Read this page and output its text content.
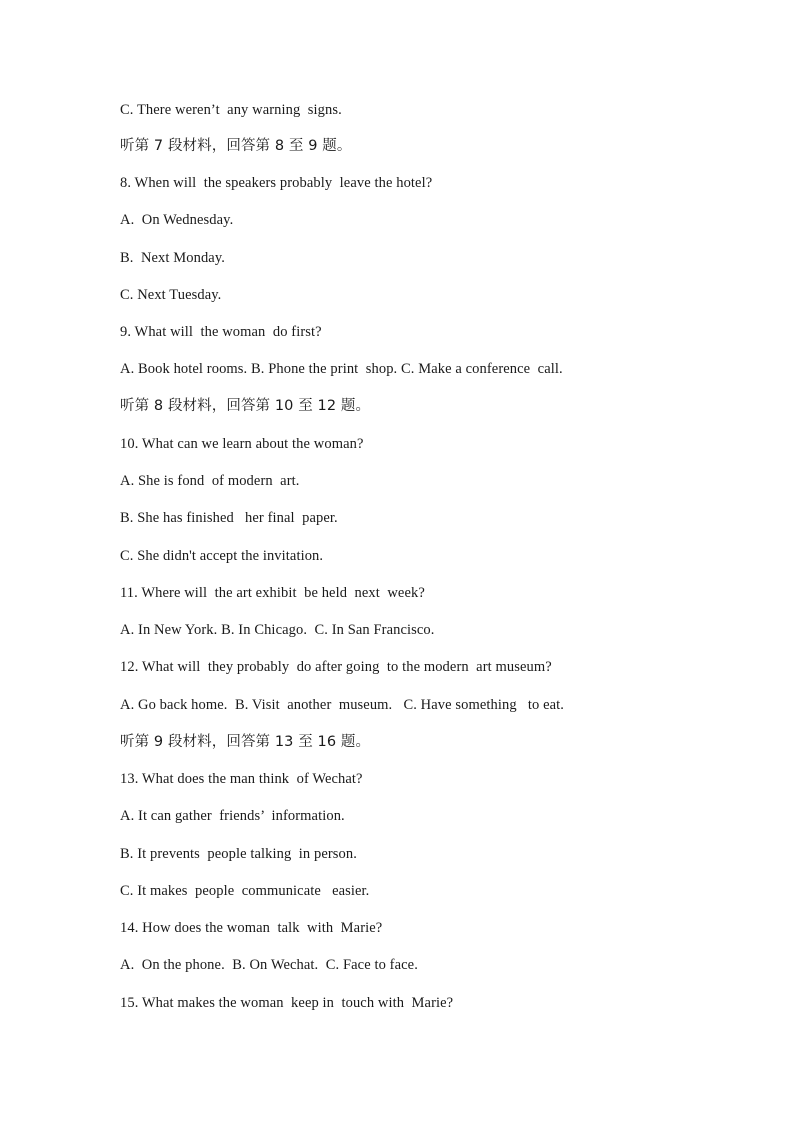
C. There weren’t  any warning  signs.
听第 7 段材料，回答第 8 至 9 题。
8. When will  the speakers probably  leave the hotel?
A.  On Wednesday.
B.  Next Monday.
C. Next Tuesday.
9. What will  the woman  do first?
A. Book hotel rooms. B. Phone the print  shop. C. Make a conference  call.
听第 8 段材料，回答第 10 至 12 题。
10. What can we learn about the woman?
A. She is fond  of modern  art.
B. She has finished   her final  paper.
C. She didn't accept the invitation.
11. Where will  the art exhibit  be held  next  week?
A. In New York. B. In Chicago.  C. In San Francisco.
12. What will  they probably  do after going  to the modern  art museum?
A. Go back home.  B. Visit  another  museum.   C. Have something   to eat.
听第 9 段材料，回答第 13 至 16 题。
13. What does the man think  of Wechat?
A. It can gather  friends’  information.
B. It prevents  people talking  in person.
C. It makes  people  communicate   easier.
14. How does the woman  talk  with  Marie?
A.  On the phone.  B. On Wechat.  C. Face to face.
15. What makes the woman  keep in  touch with  Marie?
